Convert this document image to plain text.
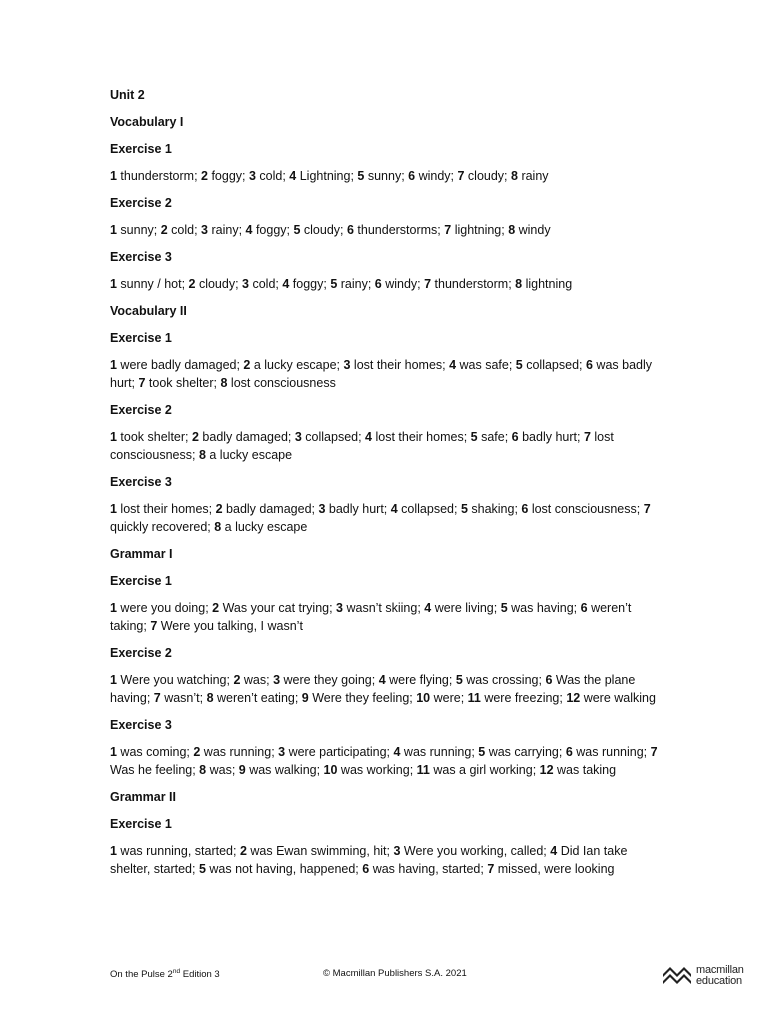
Unit 2
Vocabulary I
Exercise 1
1 thunderstorm; 2 foggy; 3 cold; 4 Lightning; 5 sunny; 6 windy; 7 cloudy; 8 rainy
Exercise 2
1 sunny; 2 cold; 3 rainy; 4 foggy; 5 cloudy; 6 thunderstorms; 7 lightning; 8 windy
Exercise 3
1 sunny / hot; 2 cloudy; 3 cold; 4 foggy; 5 rainy; 6 windy; 7 thunderstorm; 8 lightning
Vocabulary II
Exercise 1
1 were badly damaged; 2 a lucky escape; 3 lost their homes; 4 was safe; 5 collapsed; 6 was badly hurt; 7 took shelter; 8 lost consciousness
Exercise 2
1 took shelter; 2 badly damaged; 3 collapsed; 4 lost their homes; 5 safe; 6 badly hurt; 7 lost consciousness; 8 a lucky escape
Exercise 3
1 lost their homes; 2 badly damaged; 3 badly hurt; 4 collapsed; 5 shaking; 6 lost consciousness; 7 quickly recovered; 8 a lucky escape
Grammar I
Exercise 1
1 were you doing; 2 Was your cat trying; 3 wasn’t skiing; 4 were living; 5 was having; 6 weren’t taking; 7 Were you talking, I wasn’t
Exercise 2
1 Were you watching; 2 was; 3 were they going; 4 were flying; 5 was crossing; 6 Was the plane having; 7 wasn’t; 8 weren’t eating; 9 Were they feeling; 10 were; 11 were freezing; 12 were walking
Exercise 3
1 was coming; 2 was running; 3 were participating; 4 was running; 5 was carrying; 6 was running; 7 Was he feeling; 8 was; 9 was walking; 10 was working; 11 was a girl working; 12 was taking
Grammar II
Exercise 1
1 was running, started; 2 was Ewan swimming, hit; 3 Were you working, called; 4 Did Ian take shelter, started; 5 was not having, happened; 6 was having, started; 7 missed, were looking
On the Pulse 2nd Edition 3	© Macmillan Publishers S.A. 2021	macmillan
education
